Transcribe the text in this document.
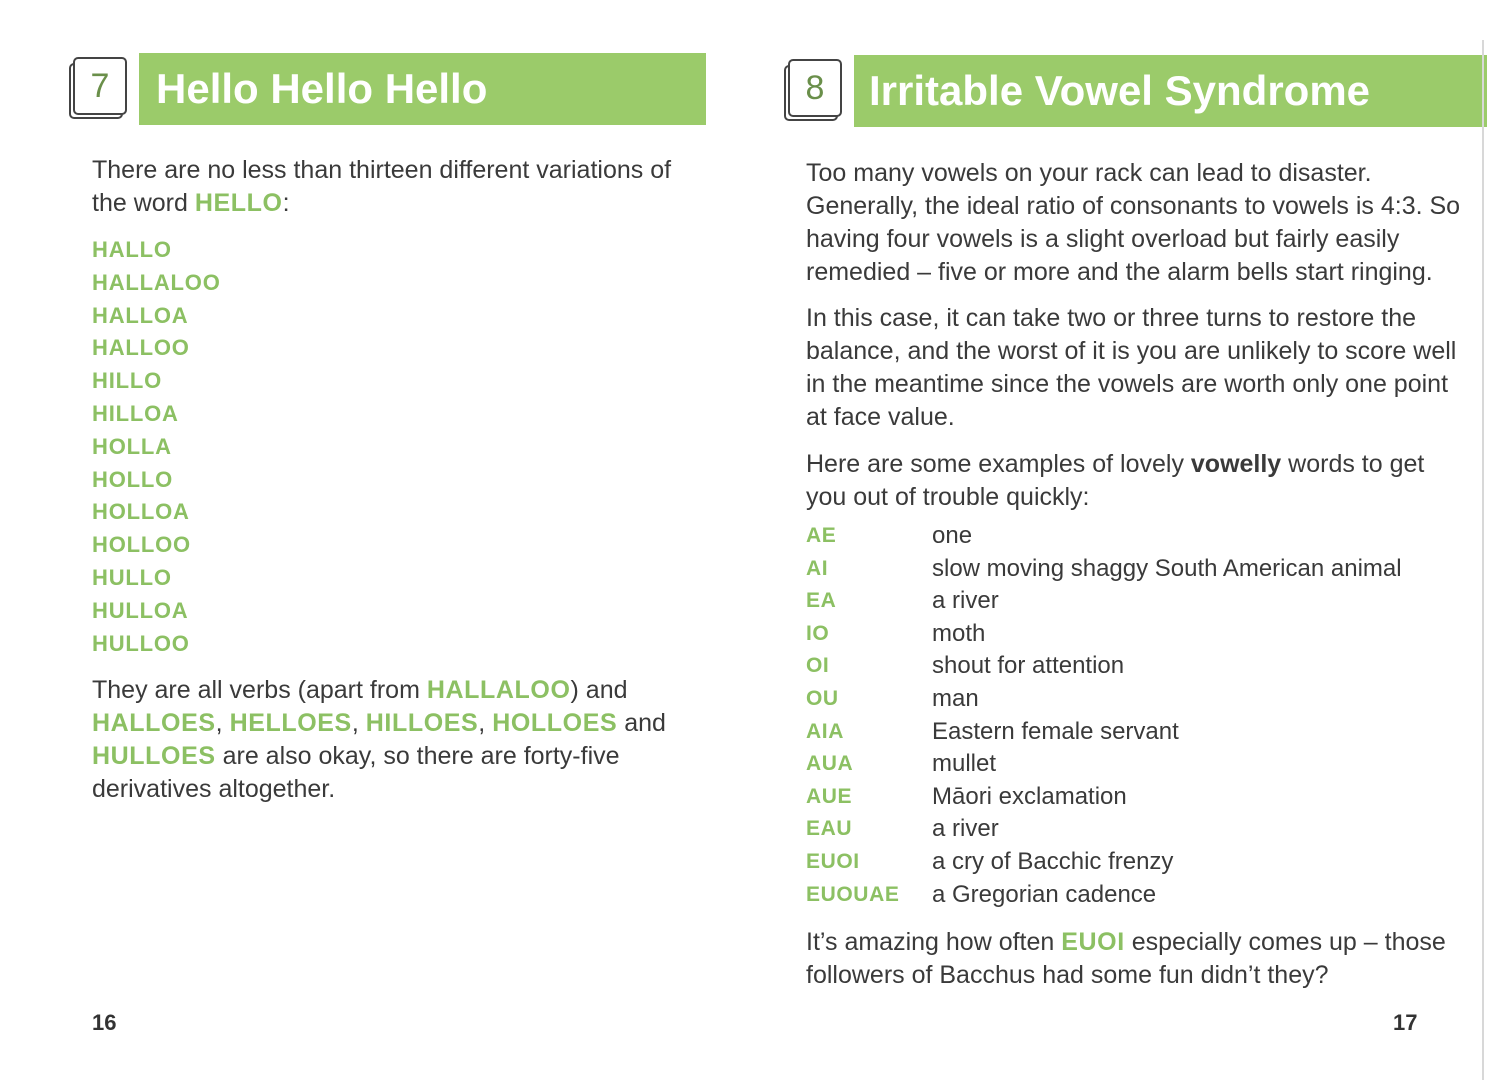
7	Hello Hello Hello
There are no less than thirteen different variations of the word HELLO:
HALLO
HALLALOO
HALLOA
HALLOO
HILLO
HILLOA
HOLLA
HOLLO
HOLLOA
HOLLOO
HULLO
HULLOA
HULLOO
They are all verbs (apart from HALLALOO) and HALLOES, HELLOES, HILLOES, HOLLOES and HULLOES are also okay, so there are forty-five derivatives altogether.
16
8	Irritable Vowel Syndrome
Too many vowels on your rack can lead to disaster. Generally, the ideal ratio of consonants to vowels is 4:3. So having four vowels is a slight overload but fairly easily remedied – five or more and the alarm bells start ringing.
In this case, it can take two or three turns to restore the balance, and the worst of it is you are unlikely to score well in the meantime since the vowels are worth only one point at face value.
Here are some examples of lovely vowelly words to get you out of trouble quickly:
AE	one
AI	slow moving shaggy South American animal
EA	a river
IO	moth
OI	shout for attention
OU	man
AIA	Eastern female servant
AUA	mullet
AUE	Māori exclamation
EAU	a river
EUOI	a cry of Bacchic frenzy
EUOUAE a Gregorian cadence
It’s amazing how often EUOI especially comes up – those followers of Bacchus had some fun didn’t they?
17
